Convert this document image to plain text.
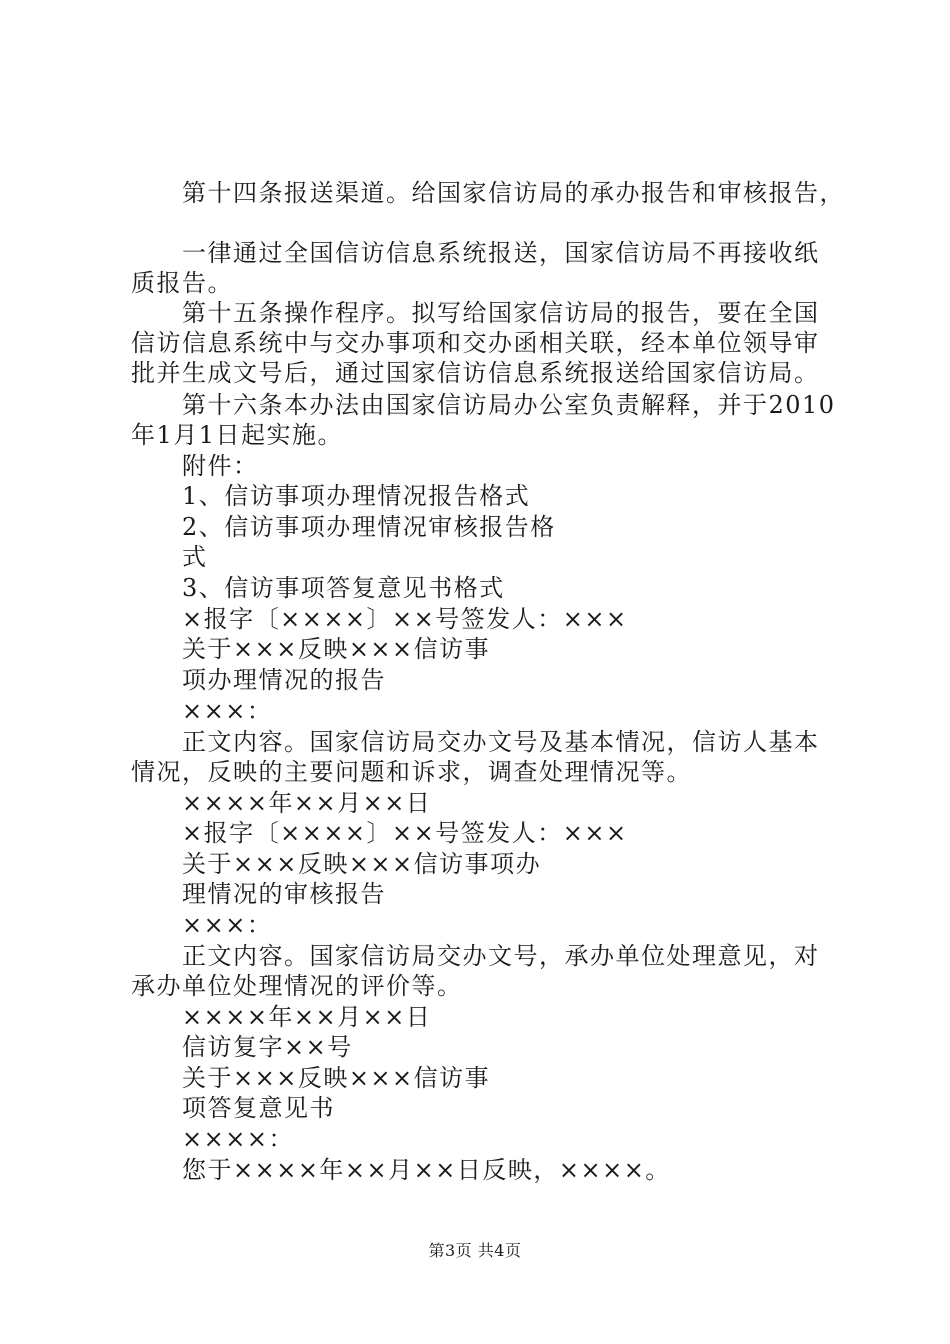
第十四条报送渠道。给国家信访局的承办报告和审核报告，
一律通过全国信访信息系统报送，国家信访局不再接收纸
质报告。
第十五条操作程序。拟写给国家信访局的报告，要在全国
信访信息系统中与交办事项和交办函相关联，经本单位领导审
批并生成文号后，通过国家信访信息系统报送给国家信访局。
第十六条本办法由国家信访局办公室负责解释，并于2010
年1月1日起实施。
附件：
1、信访事项办理情况报告格式
2、信访事项办理情况审核报告格
式
3、信访事项答复意见书格式
×报字〔××××〕××号签发人：×××
关于×××反映×××信访事
项办理情况的报告
×××：
正文内容。国家信访局交办文号及基本情况，信访人基本
情况，反映的主要问题和诉求，调查处理情况等。
××××年××月××日
×报字〔××××〕××号签发人：×××
关于×××反映×××信访事项办
理情况的审核报告
×××：
正文内容。国家信访局交办文号，承办单位处理意见，对
承办单位处理情况的评价等。
××××年××月××日
信访复字××号
关于×××反映×××信访事
项答复意见书
××××：
您于××××年××月××日反映，××××。
第3页 共4页
